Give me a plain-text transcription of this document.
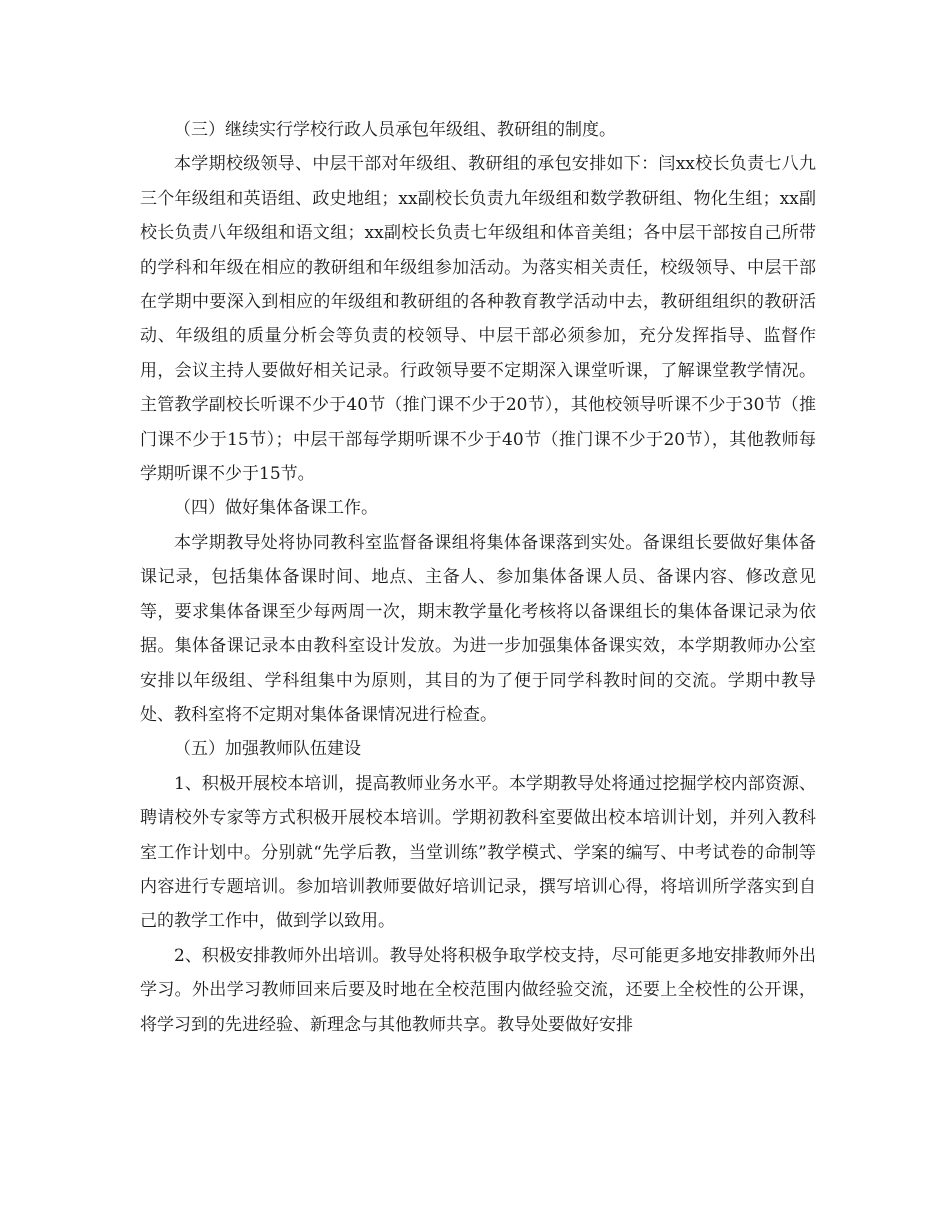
（三）继续实行学校行政人员承包年级组、教研组的制度。

本学期校级领导、中层干部对年级组、教研组的承包安排如下：闫xx校长负责七八九三个年级组和英语组、政史地组；xx副校长负责九年级组和数学教研组、物化生组；xx副校长负责八年级组和语文组；xx副校长负责七年级组和体音美组；各中层干部按自己所带的学科和年级在相应的教研组和年级组参加活动。为落实相关责任，校级领导、中层干部在学期中要深入到相应的年级组和教研组的各种教育教学活动中去，教研组组织的教研活动、年级组的质量分析会等负责的校领导、中层干部必须参加，充分发挥指导、监督作用，会议主持人要做好相关记录。行政领导要不定期深入课堂听课，了解课堂教学情况。主管教学副校长听课不少于40节（推门课不少于20节），其他校领导听课不少于30节（推门课不少于15节）；中层干部每学期听课不少于40节（推门课不少于20节），其他教师每学期听课不少于15节。

（四）做好集体备课工作。

本学期教导处将协同教科室监督备课组将集体备课落到实处。备课组长要做好集体备课记录，包括集体备课时间、地点、主备人、参加集体备课人员、备课内容、修改意见等，要求集体备课至少每两周一次，期末教学量化考核将以备课组长的集体备课记录为依据。集体备课记录本由教科室设计发放。为进一步加强集体备课实效，本学期教师办公室安排以年级组、学科组集中为原则，其目的为了便于同学科教时间的交流。学期中教导处、教科室将不定期对集体备课情况进行检查。

（五）加强教师队伍建设

1、积极开展校本培训，提高教师业务水平。本学期教导处将通过挖掘学校内部资源、聘请校外专家等方式积极开展校本培训。学期初教科室要做出校本培训计划，并列入教科室工作计划中。分别就“先学后教，当堂训练”教学模式、学案的编写、中考试卷的命制等内容进行专题培训。参加培训教师要做好培训记录，撰写培训心得，将培训所学落实到自己的教学工作中，做到学以致用。

2、积极安排教师外出培训。教导处将积极争取学校支持，尽可能更多地安排教师外出学习。外出学习教师回来后要及时地在全校范围内做经验交流，还要上全校性的公开课，将学习到的先进经验、新理念与其他教师共享。教导处要做好安排
